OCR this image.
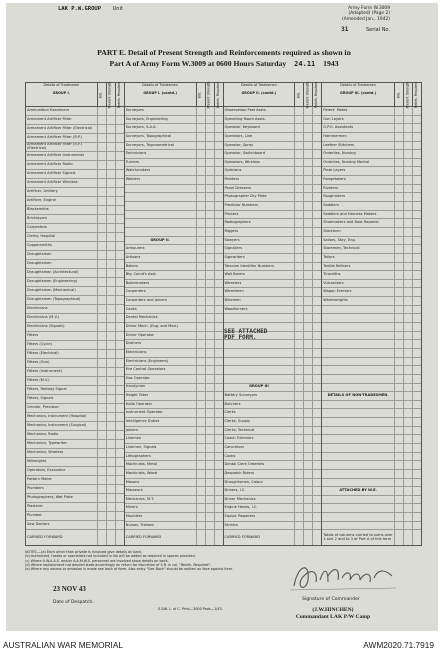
LAK P.W.GROUP Unit	Army Form W.3009
(Adapted) (Page 2)
(Amended Jan., 1942)
31	Serial No.
PART E. Detail of Present Strength and Reinforcements required as shown in
Part A of Army Form W.3009 at 0600 Hours Saturday 24.11 1943
Details of Tradesmen
GROUP I.	W.E. Present Strength Reinfs. Required
Ammunition Examiners
Armament Artificer Fitter
Armament Artificer Fitter (Electrical)
Armament Artificer Fitter (R.P.)
Armament Artificer Fitter (R.P.) (Electrical)
Armament Artificer Instruments
Armament Artificer Radio
Armament Artificer Signals
Armament Artificer Wireless
Artificer, Artillery
Artificer, Engine
Blacksmiths
Bricklayers
Carpenters
Clerks, Hospital
Coppersmiths
Draughtsmen
Draughtsmen
Draughtsmen (Architectural)
Draughtsmen (Engineering)
Draughtsmen (Mechanical)
Draughtsmen (Topographical)
Electricians
Electricians (M.V.)
Electricians (Signals)
Fitters
Fitters (Cycle)
Fitters (Electrical)
Fitters (Gun)
Fitters (Instrument)
Fitters (M.V.)
Fitters, Railway Signal
Fitters, Signals
Grinder, Precision
Mechanics, Instrument (Hospital)
Mechanics, Instrument (Surgical)
Mechanics, Radio
Mechanics, Typewriter
Mechanics, Wireless
Millwrights
Operators, Excavator
Pattern Maker
Plumbers
Photographers, Wet Plate
Plasterer
Plumber
Saw Doctors
CARRIED FORWARD
Details of Tradesmen
GROUP I. (contd.)	W.E. Present Strength Reinfs. Required
Surveyors
Surveyors, Engineering
Surveyors, S.A.A.
Surveyors, Topographical
Surveyors, Trigonometrical
Technicians
Turners
Watchmakers
Welders
GROUP II.
Armourers
Artisans
Bakers
Bty. Comd's Asst.
Boilermakers
Carpenters
Carpenters and Joiners
Cooks
Dental Mechanics
Driver Mech. (Eng. and Med.)
Driver Operator
Drainers
Electricians
Electricians (Engineers)
Fire Control Operators
Gas Operator
Handymen
Height Taker
Hollo Operator
Instrument Operator
Intelligence Duties
Joiners
Linemen
Linemen, Signals
Lithographers
Machinists, Metal
Machinists, Wood
Masons
Masseurs
Mechanics, M.T.
Miners
Moulders
Nurses, Trained
CARRIED FORWARD
Details of Tradesmen
GROUP II. (contd.)	W.E. Present Strength Reinfs. Required
Observation Post Assts.
Operating Room Assts.
Operator, Keyboard
Operators, Line
Operator, Spray
Operator, Switchboard
Operators, Wireless
Opticians
Painters
Panel Dressers
Photographer Dry Plate
Predictor Numbers
Printers
Radiographers
Riggers
Sawyers
Signallers
Signwriters
Telecom Identifier Numbers
Wall Borers
Wheelers
Wheelmen
Wiremen
Woodturners
GROUP III
Battery Surveyors
Butchers
Clerks
Clerks, Supply
Clerks, Technical
Coach Trimmers
Concretors
Cooks
Dental Clerk Orderlies
Despatch Riders
Draughtsmen, Colour
Drivers, I.C.
Driver Mechanics
Engine Hands, I.C.
Equipt. Repairers
Farriers
CARRIED FORWARD
Details of Tradesmen
GROUP III. (contd.)	W.E. Present Strength Reinfs. Required
Fitters' Mates
Gun Layers
G.P.O. Assistants
Hammermen
Leather Stitchers
Orderlies, Nursing
Orderlies, Nursing Mental
Plate Layers
Rangetakers
Riveters
Roughriders
Saddlers
Saddlers and Harness Makers
Shoemakers and Boot Repairer
Storemen
Sailors, Stay, Eng.
Storemen, Technical
Tailors
Textile Refiners
Tinsmiths
Vulcanisers
Wagon Erectors
Wheelwrights
DETAILS OF NON-TRADESMEN.
ATTACHED BY W.E.
Totals of columns carried to sums over 1 and 2 and to 3 of Part A of this form
SEE ATTACHED
PDF FORM.
NOTES.—(a) Each other than private is involved give details on back.
(b) Authorised, trades or specialists not included in list will be added as required in spaces provided.
(c) Where A.W.A.A.S. and/or A.A.M.W.S. personnel are involved show details on back.
(d) Where replacement not desired state accordingly on return for discretion of S.R. in col. "Reinfs. Required".
(e) Where any excess or omission is made see back of form. Also entry "See Back" should be written on face against item.
23 NOV 43
Date of Despatch.
S.&W. L. of C. Print—3000 Pads—1/43.
Signature of Commander
(J.W.HINCHEN)
Commandant LAK P/W Camp
AUSTRALIAN WAR MEMORIAL	AWM2020.71.7919
